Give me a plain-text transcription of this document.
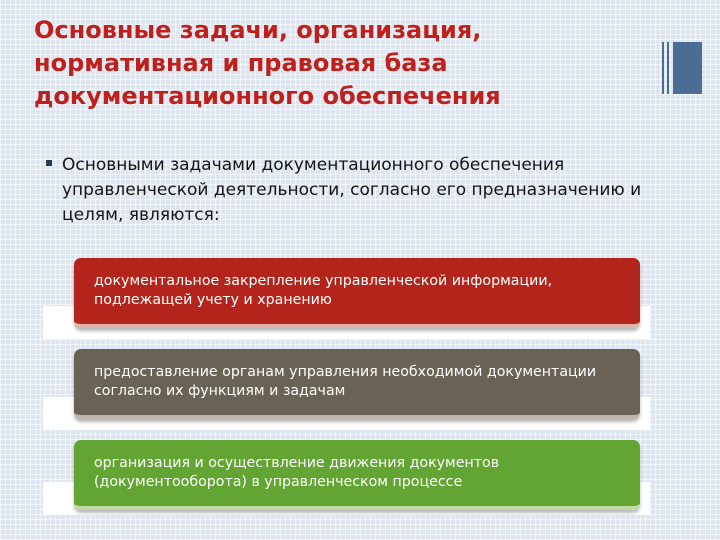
Основные задачи, организация,
нормативная и правовая база
документационного обеспечения

Основными задачами документационного обеспечения управленческой деятельности, согласно его предназначению и целям, являются:

документальное закрепление управленческой информации, подлежащей учету и хранению
предоставление органам управления необходимой документации согласно их функциям и задачам
организация и осуществление движения документов (документооборота) в управленческом процессе
